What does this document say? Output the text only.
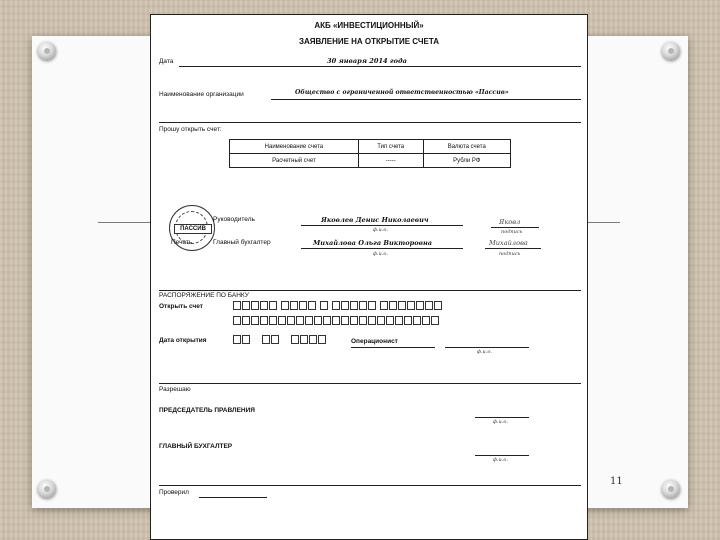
11
АКБ «ИНВЕСТИЦИОННЫЙ»
ЗАЯВЛЕНИЕ НА ОТКРЫТИЕ СЧЕТА
Дата	30 января 2014 года
Наименование организации	Общество с ограниченной ответственностью «Пассив»
Прошу открыть счет:
Наименование счета	Тип счета	Валюта счета
Расчетный счет	-----	Рубли РФ
ПАССИВ
Печать
Руководитель	Яковлев Денис Николаевич
ф.и.о.
Яковл
подпись
Главный бухгалтер	Михайлова Ольга Викторовна
ф.и.о.
Михайлова
подпись
РАСПОРЯЖЕНИЕ ПО БАНКУ
Открыть счет
Дата открытия	Операционист
ф.и.о.
Разрешаю
ПРЕДСЕДАТЕЛЬ ПРАВЛЕНИЯ
ф.и.о.
ГЛАВНЫЙ БУХГАЛТЕР
ф.и.о.
Проверил
